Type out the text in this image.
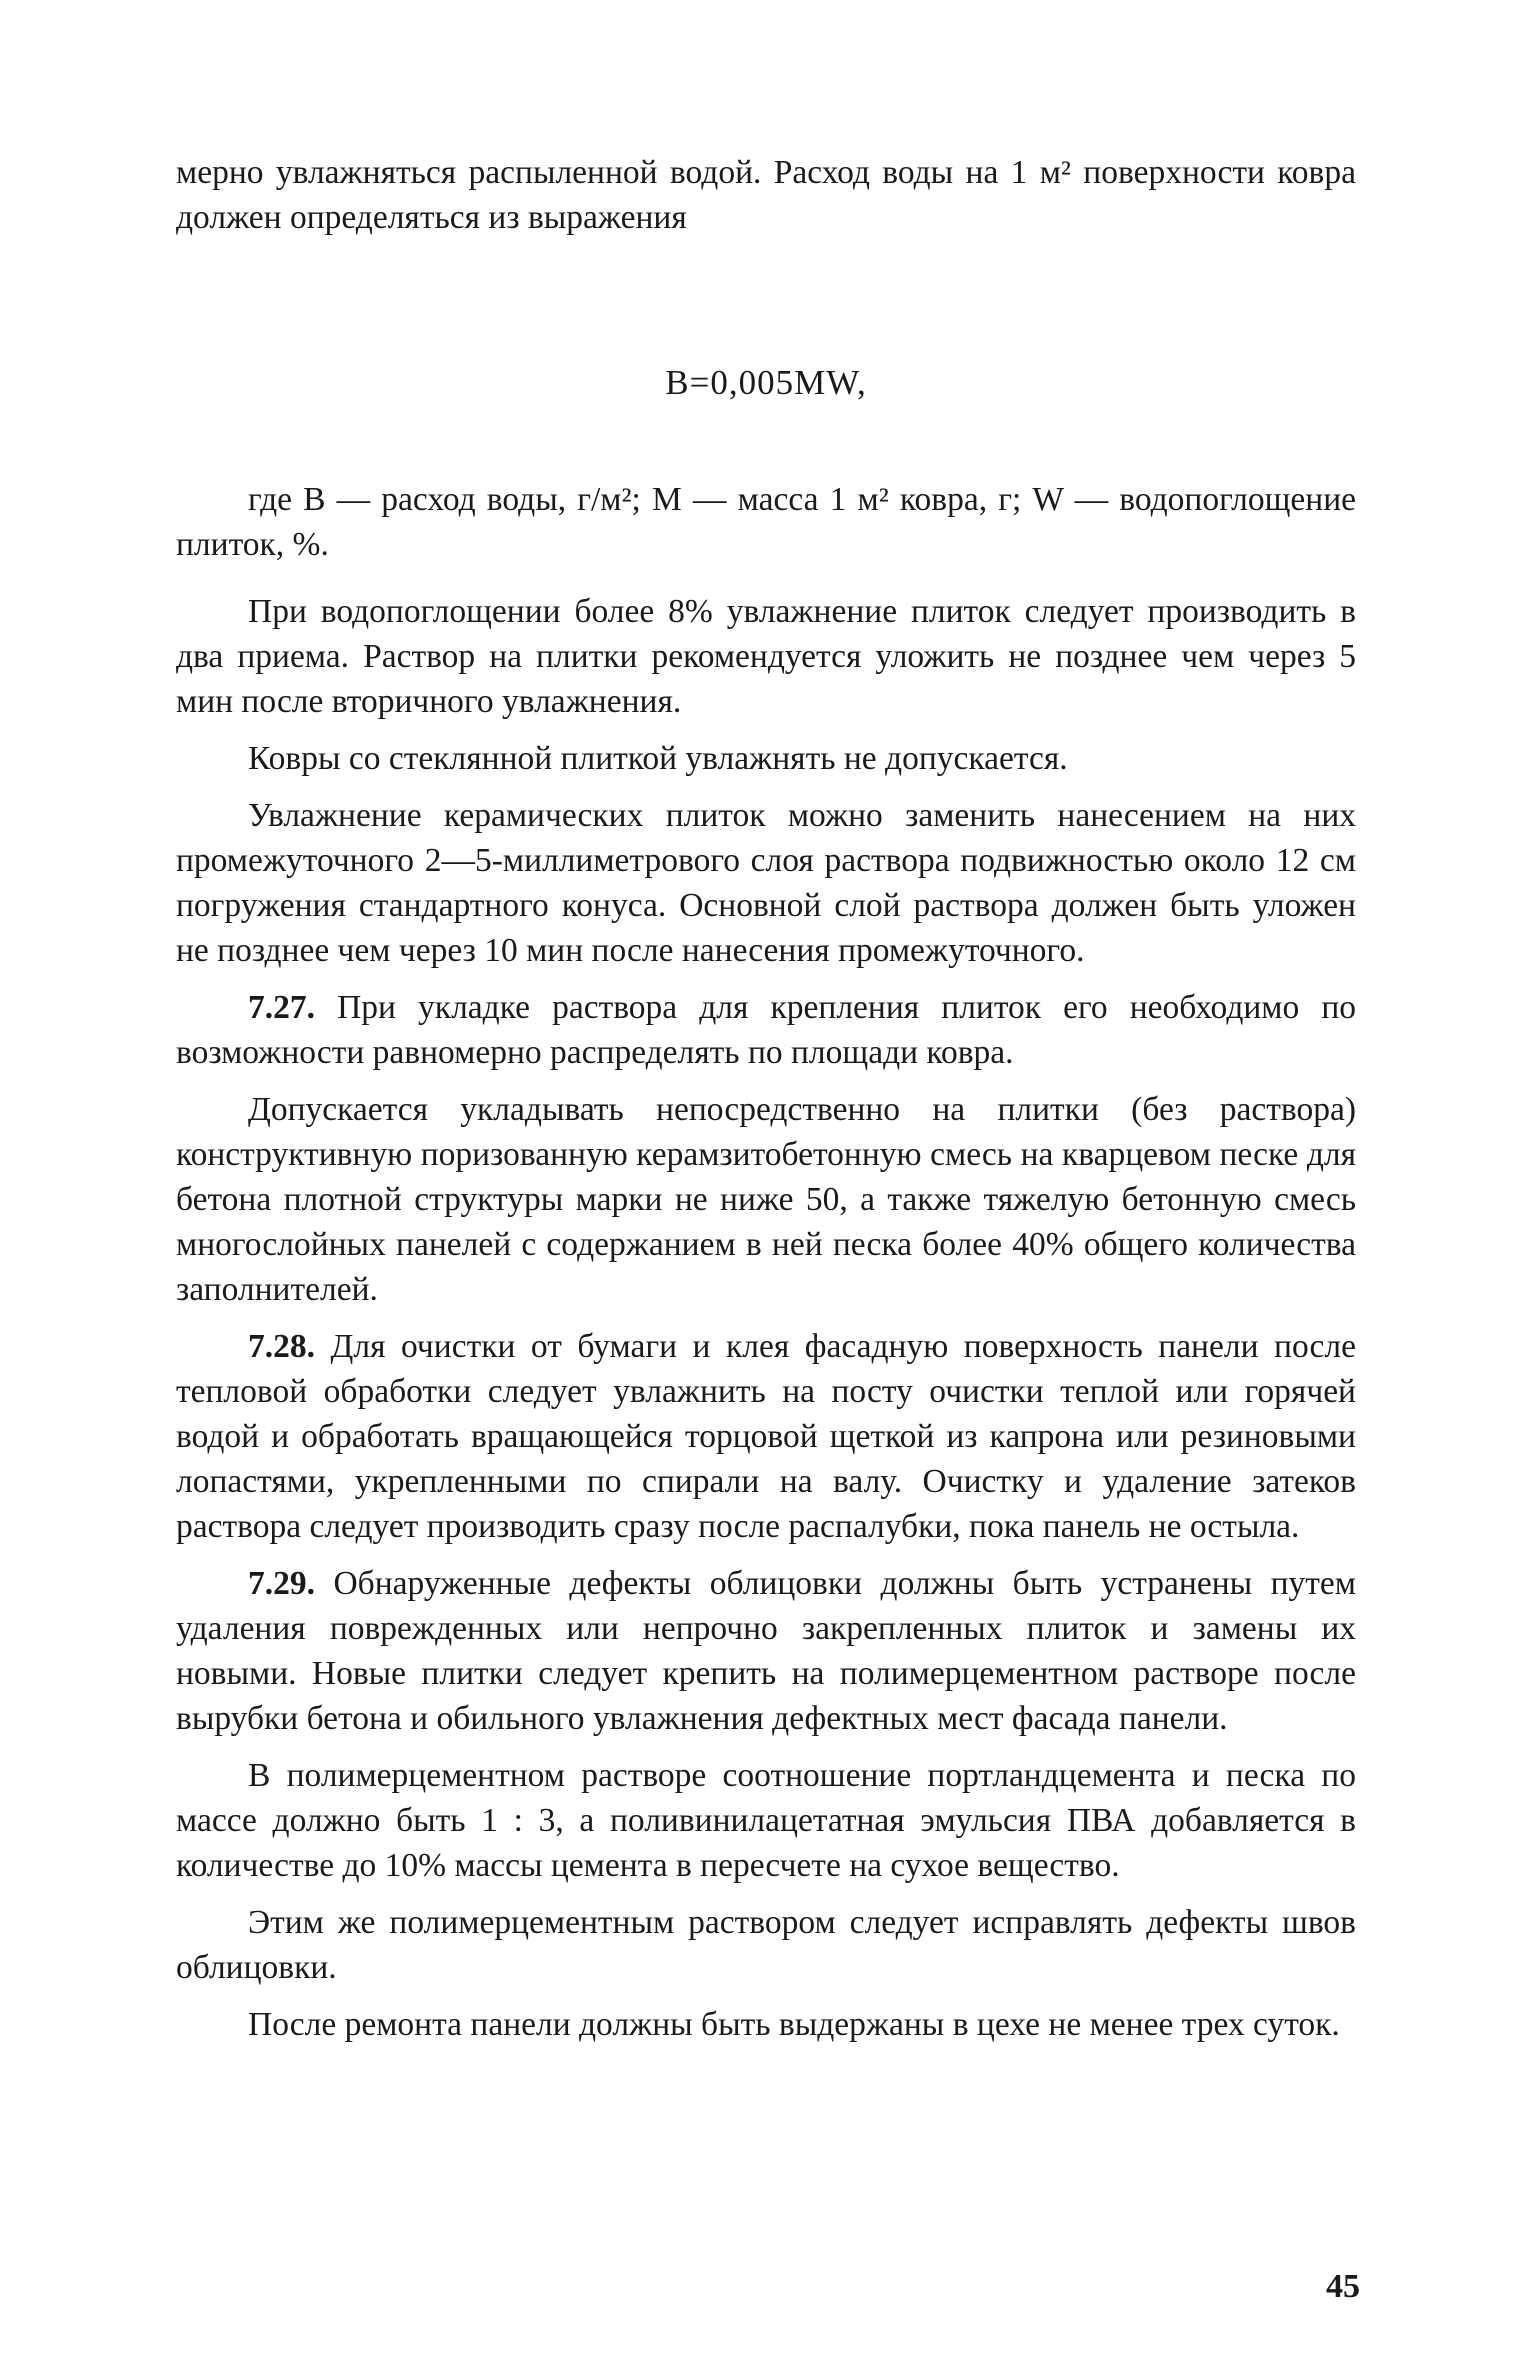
мерно увлажняться распыленной водой. Расход воды на 1 м² поверхности ковра должен определяться из выражения

B=0,005MW,

где B — расход воды, г/м²; M — масса 1 м² ковра, г; W — водопоглощение плиток, %.

При водопоглощении более 8% увлажнение плиток следует производить в два приема. Раствор на плитки рекомендуется уложить не позднее чем через 5 мин после вторичного увлажнения.

Ковры со стеклянной плиткой увлажнять не допускается.

Увлажнение керамических плиток можно заменить нанесением на них промежуточного 2—5-миллиметрового слоя раствора подвижностью около 12 см погружения стандартного конуса. Основной слой раствора должен быть уложен не позднее чем через 10 мин после нанесения промежуточного.

7.27. При укладке раствора для крепления плиток его необходимо по возможности равномерно распределять по площади ковра.

Допускается укладывать непосредственно на плитки (без раствора) конструктивную поризованную керамзитобетонную смесь на кварцевом песке для бетона плотной структуры марки не ниже 50, а также тяжелую бетонную смесь многослойных панелей с содержанием в ней песка более 40% общего количества заполнителей.

7.28. Для очистки от бумаги и клея фасадную поверхность панели после тепловой обработки следует увлажнить на посту очистки теплой или горячей водой и обработать вращающейся торцовой щеткой из капрона или резиновыми лопастями, укрепленными по спирали на валу. Очистку и удаление затеков раствора следует производить сразу после распалубки, пока панель не остыла.

7.29. Обнаруженные дефекты облицовки должны быть устранены путем удаления поврежденных или непрочно закрепленных плиток и замены их новыми. Новые плитки следует крепить на полимерцементном растворе после вырубки бетона и обильного увлажнения дефектных мест фасада панели.

В полимерцементном растворе соотношение портландцемента и песка по массе должно быть 1 : 3, а поливинилацетатная эмульсия ПВА добавляется в количестве до 10% массы цемента в пересчете на сухое вещество.

Этим же полимерцементным раствором следует исправлять дефекты швов облицовки.

После ремонта панели должны быть выдержаны в цехе не менее трех суток.

45
